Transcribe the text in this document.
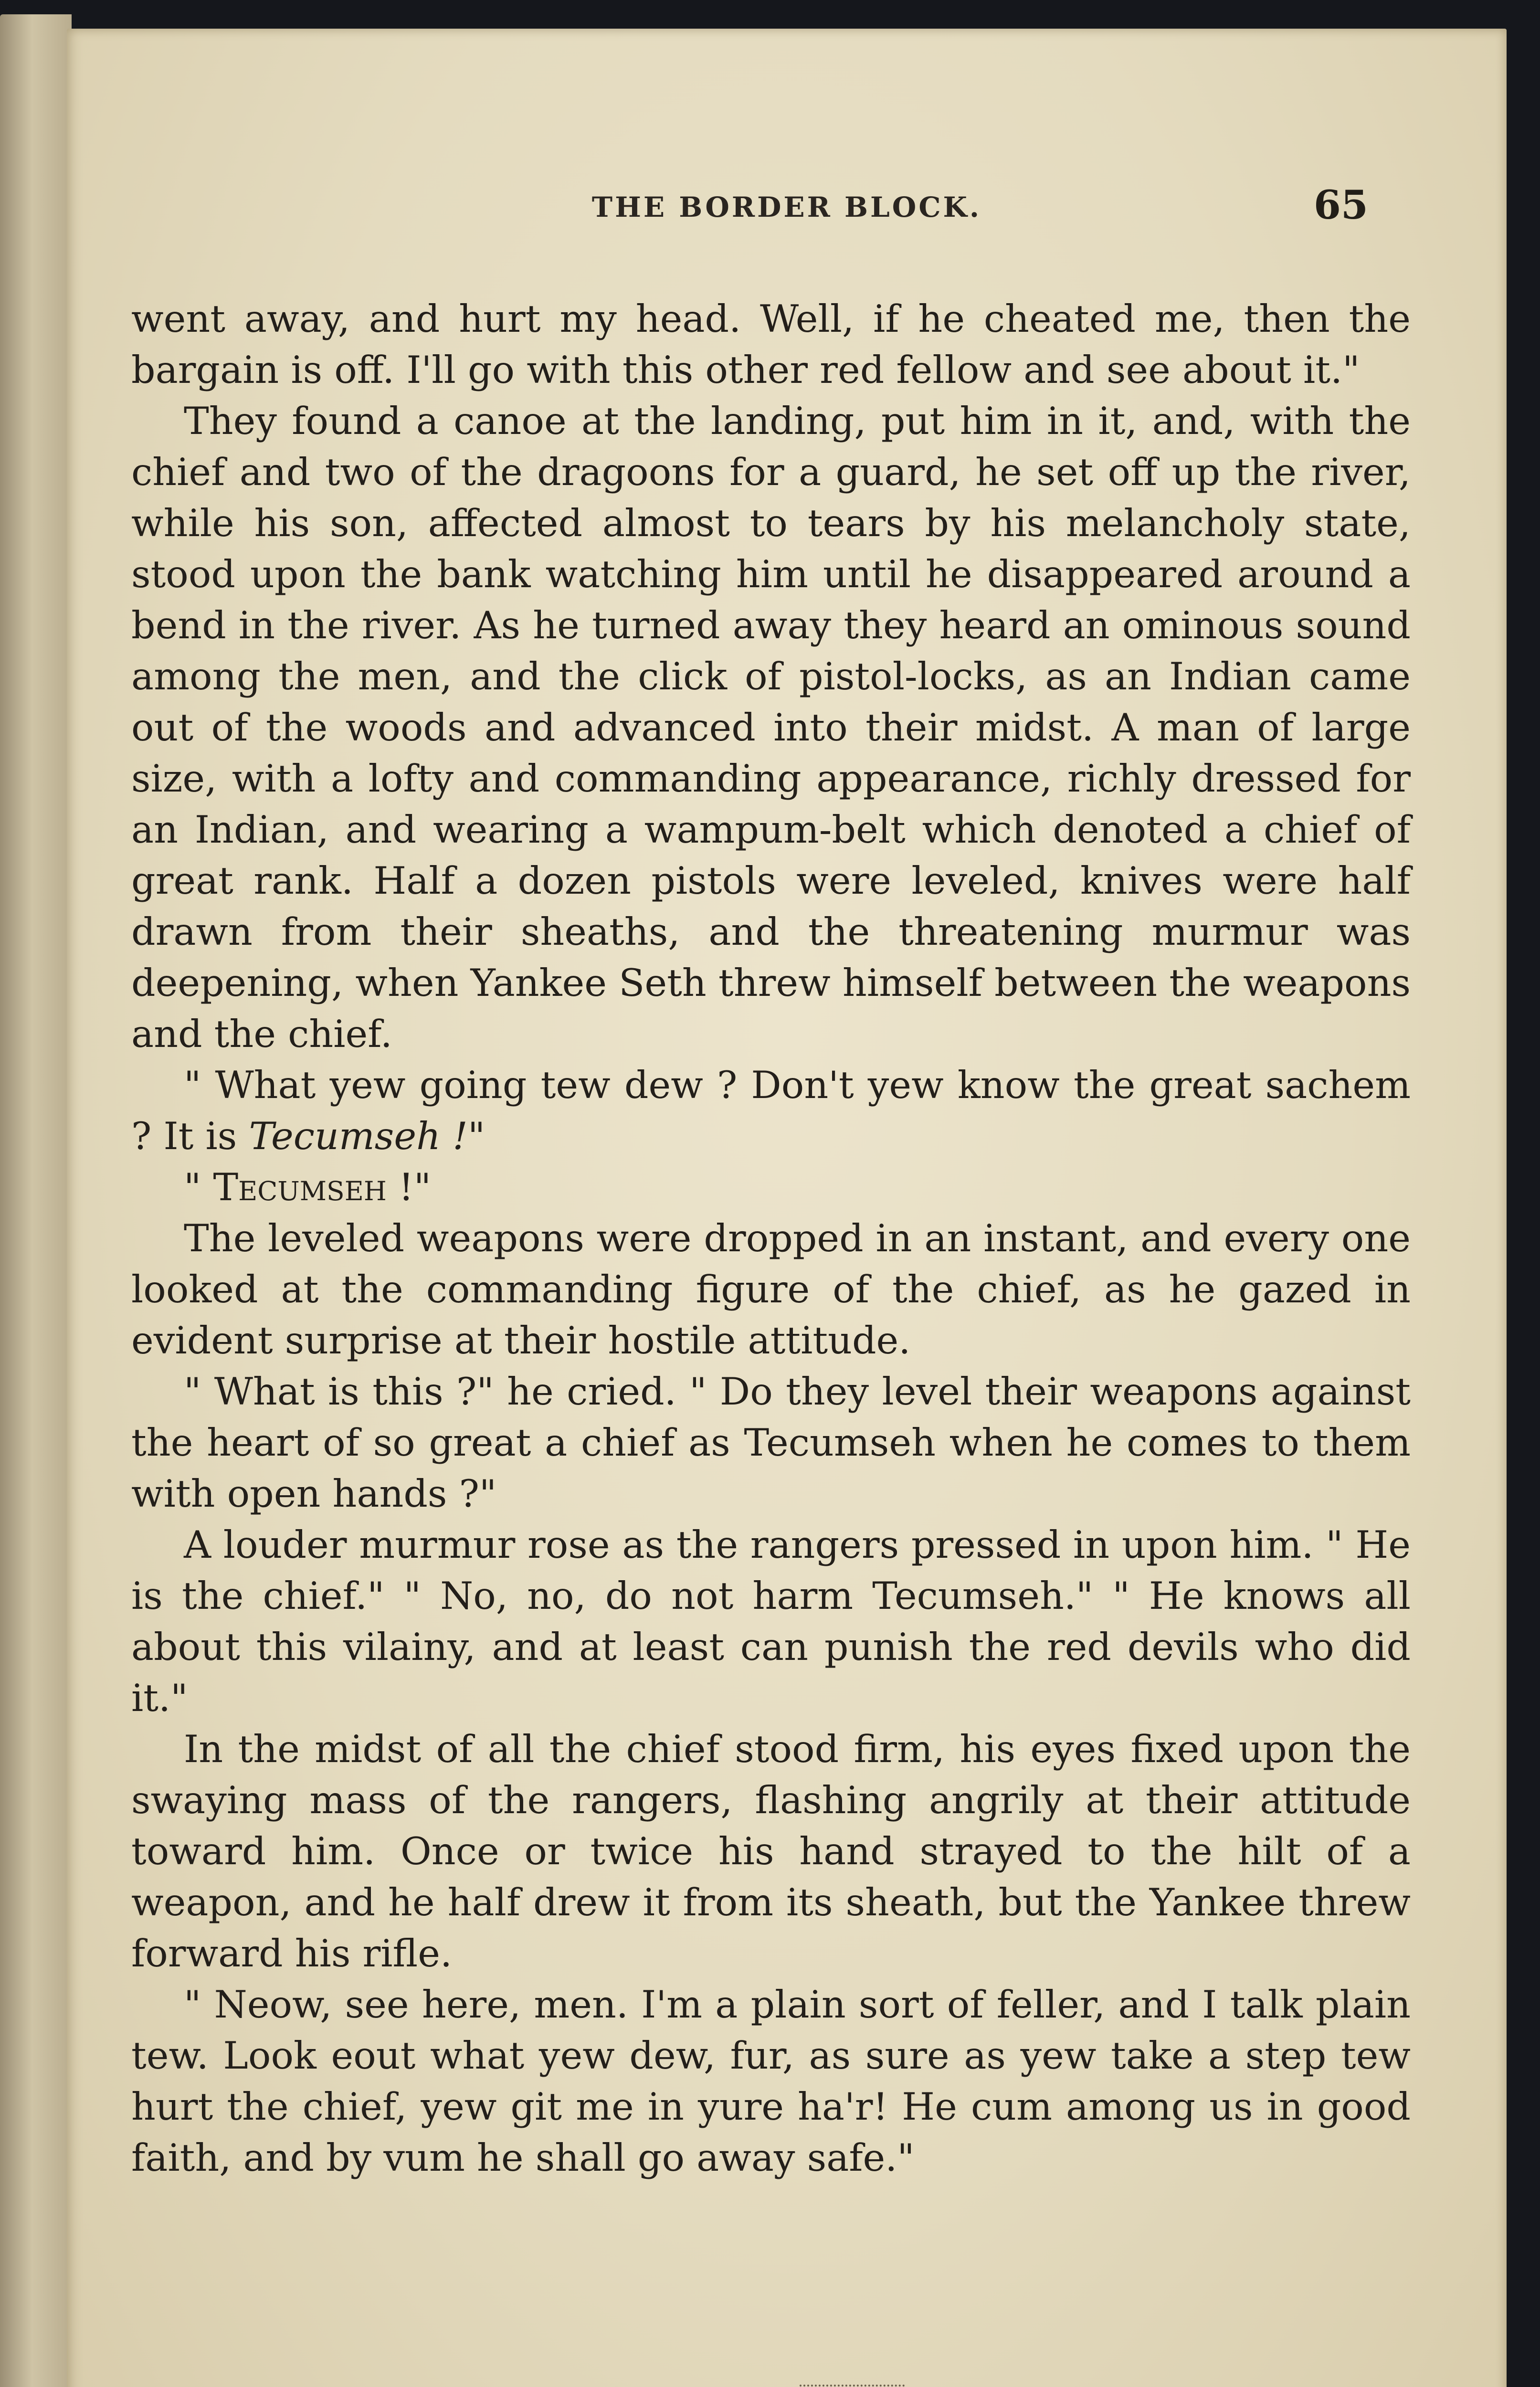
THE BORDER BLOCK.	65

went away, and hurt my head. Well, if he cheated me, then the bargain is off. I'll go with this other red fellow and see about it."

They found a canoe at the landing, put him in it, and, with the chief and two of the dragoons for a guard, he set off up the river, while his son, affected almost to tears by his melancholy state, stood upon the bank watching him until he disappeared around a bend in the river. As he turned away they heard an ominous sound among the men, and the click of pistol-locks, as an Indian came out of the woods and advanced into their midst. A man of large size, with a lofty and commanding appearance, richly dressed for an Indian, and wearing a wampum-belt which denoted a chief of great rank. Half a dozen pistols were leveled, knives were half drawn from their sheaths, and the threatening murmur was deepening, when Yankee Seth threw himself between the weapons and the chief.

" What yew going tew dew ? Don't yew know the great sachem ? It is Tecumseh !"

" Tecumseh !"

The leveled weapons were dropped in an instant, and every one looked at the commanding figure of the chief, as he gazed in evident surprise at their hostile attitude.

" What is this ?" he cried. " Do they level their weapons against the heart of so great a chief as Tecumseh when he comes to them with open hands ?"

A louder murmur rose as the rangers pressed in upon him. " He is the chief." " No, no, do not harm Tecumseh." " He knows all about this vilainy, and at least can punish the red devils who did it."

In the midst of all the chief stood firm, his eyes fixed upon the swaying mass of the rangers, flashing angrily at their attitude toward him. Once or twice his hand strayed to the hilt of a weapon, and he half drew it from its sheath, but the Yankee threw forward his rifle.

" Neow, see here, men. I'm a plain sort of feller, and I talk plain tew. Look eout what yew dew, fur, as sure as yew take a step tew hurt the chief, yew git me in yure ha'r! He cum among us in good faith, and by vum he shall go away safe."
